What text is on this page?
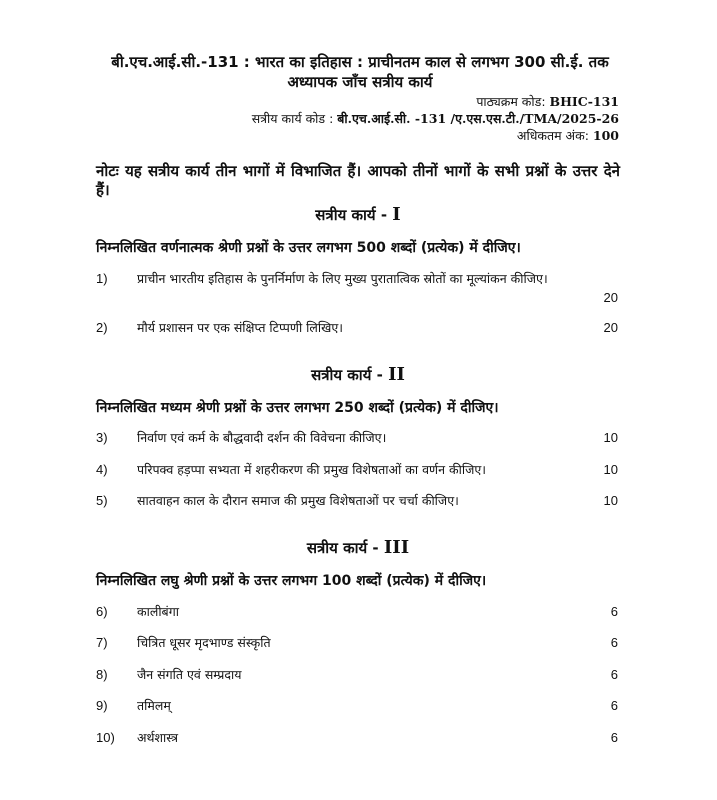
बी.एच.आई.सी.-131 : भारत का इतिहास : प्राचीनतम काल से लगभग 300 सी.ई. तक
अध्यापक जाँच सत्रीय कार्य
पाठ्यक्रम कोड: BHIC-131
सत्रीय कार्य कोड : बी.एच.आई.सी. -131 /ए.एस.एस.टी./TMA/2025-26
अधिकतम अंक: 100
नोटः यह सत्रीय कार्य तीन भागों में विभाजित हैं। आपको तीनों भागों के सभी प्रश्नों के उत्तर देने हैं।
सत्रीय कार्य - I
निम्नलिखित वर्णनात्मक श्रेणी प्रश्नों के उत्तर लगभग 500 शब्दों (प्रत्येक) में दीजिए।
1) प्राचीन भारतीय इतिहास के पुनर्निर्माण के लिए मुख्य पुरातात्विक स्रोतों का मूल्यांकन कीजिए।
20
2) मौर्य प्रशासन पर एक संक्षिप्त टिप्पणी लिखिए।	20
सत्रीय कार्य - II
निम्नलिखित मध्यम श्रेणी प्रश्नों के उत्तर लगभग 250 शब्दों (प्रत्येक) में दीजिए।
3) निर्वाण एवं कर्म के बौद्धवादी दर्शन की विवेचना कीजिए।	10
4) परिपक्व हड़प्पा सभ्यता में शहरीकरण की प्रमुख विशेषताओं का वर्णन कीजिए।	10
5) सातवाहन काल के दौरान समाज की प्रमुख विशेषताओं पर चर्चा कीजिए।	10
सत्रीय कार्य - III
निम्नलिखित लघु श्रेणी प्रश्नों के उत्तर लगभग 100 शब्दों (प्रत्येक) में दीजिए।
6) कालीबंगा	6
7) चित्रित धूसर मृदभाण्ड संस्कृति	6
8) जैन संगति एवं सम्प्रदाय	6
9) तमिलम्	6
10) अर्थशास्त्र	6
